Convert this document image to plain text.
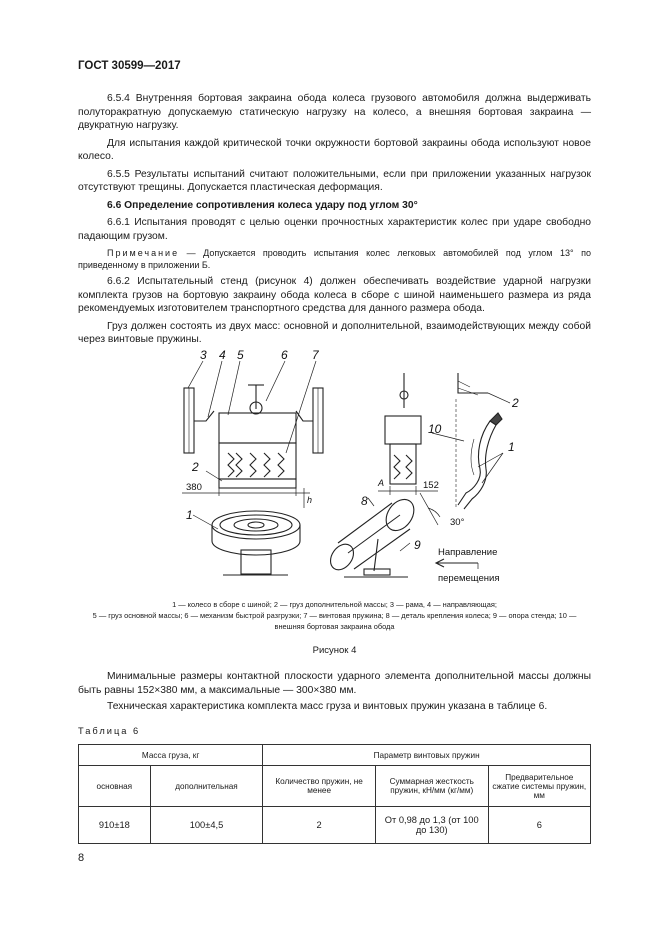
ГОСТ 30599—2017

6.5.4 Внутренняя бортовая закраина обода колеса грузового автомобиля должна выдерживать полуторакратную допускаемую статическую нагрузку на колесо, а внешняя бортовая закраина — двукратную нагрузку.

Для испытания каждой критической точки окружности бортовой закраины обода используют новое колесо.

6.5.5 Результаты испытаний считают положительными, если при приложении указанных нагрузок отсутствуют трещины. Допускается пластическая деформация.

6.6 Определение сопротивления колеса удару под углом 30°

6.6.1 Испытания проводят с целью оценки прочностных характеристик колес при ударе свободно падающим грузом.

Примечание — Допускается проводить испытания колес легковых автомобилей под углом 13° по приведенному в приложении Б.

6.6.2 Испытательный стенд (рисунок 4) должен обеспечивать воздействие ударной нагрузки комплекта грузов на бортовую закраину обода колеса в сборе с шиной наименьшего размера из ряда рекомендуемых изготовителем транспортного средства для данного размера обода.

Груз должен состоять из двух масс: основной и дополнительной, взаимодействующих между собой через винтовые пружины.

3 4 5	6 7
2
1
8
9
10
2
1
h
A
380	152
30°
Направление
перемещения
1 — колесо в сборе с шиной; 2 — груз дополнительной массы; 3 — рама, 4 — направляющая;
5 — груз основной массы; 6 — механизм быстрой разгрузки; 7 — винтовая пружина; 8 — деталь крепления колеса; 9 — опора стенда; 10 — внешняя бортовая закраина обода
Рисунок 4

Минимальные размеры контактной плоскости ударного элемента дополнительной массы должны быть равны 152×380 мм, а максимальные — 300×380 мм.

Техническая характеристика комплекта масс груза и винтовых пружин указана в таблице 6.

Таблица 6
Масса груза, кг		Параметр винтовых пружин		
основная	дополнительная	Количество пружин, не менее	Суммарная жесткость пружин, кН/мм (кг/мм)	Предварительное сжатие системы пружин, мм
910±18	100±4,5	2	От 0,98 до 1,3 (от 100 до 130)	6
8
